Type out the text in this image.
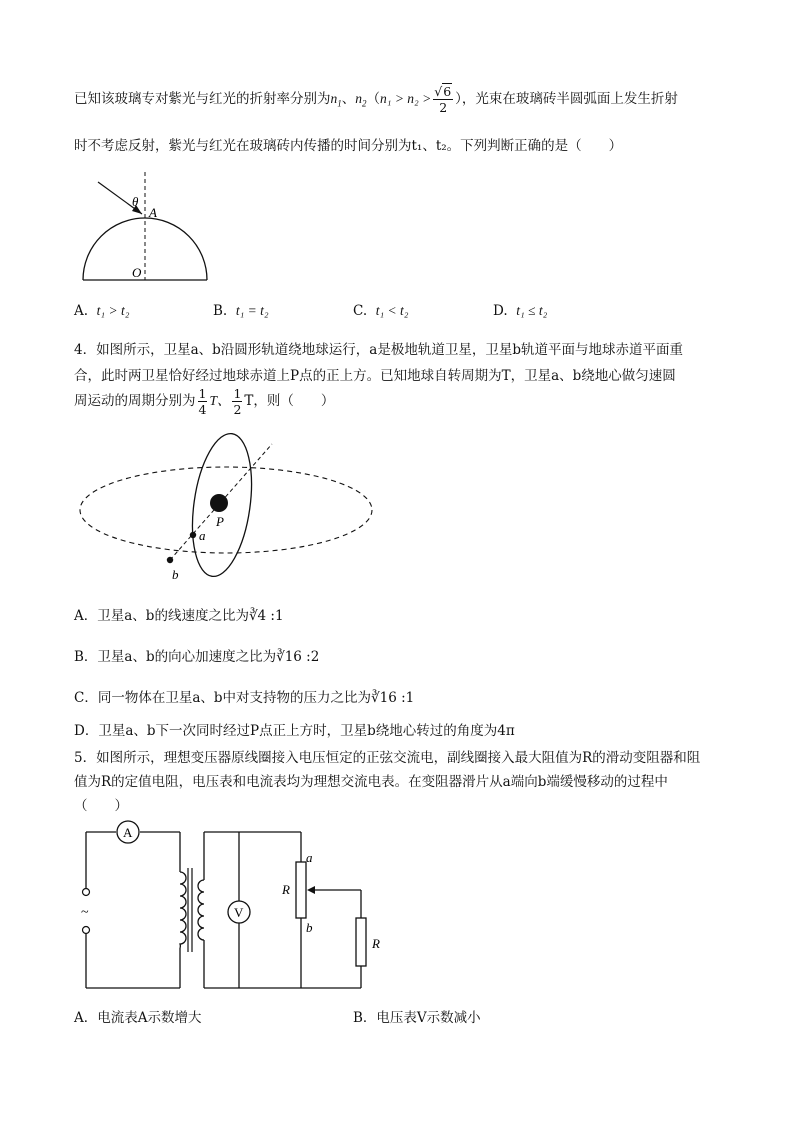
已知该玻璃专对紫光与红光的折射率分别为$n_1$、$n_2(n_1 > n_2 > \frac{√6}{2}$ ），光束在玻璃砖半圆弧面上发生折射
时不考虑反射，紫光与红光在玻璃砖内传播的时间分别为t₁、t₂。下列判断正确的是（　　）
θ
A
O
A. t₁ > t₂	B. t₁ = t₂	C. t₁ < t₂	D. t₁ ≤ t₂
4．如图所示，卫星a、b沿圆形轨道绕地球运行，a是极地轨道卫星，卫星b轨道平面与地球赤道平面重
合，此时两卫星恰好经过地球赤道上P点的正上方。已知地球自转周期为T，卫星a、b绕地心做匀速圆
周运动的周期分别为 $\frac{1}{4}$ T、 $\frac{1}{2}$ T，则（　　）
P
a
b
A．卫星a、b的线速度之比为∛4 :1
B．卫星a、b的向心加速度之比为∛16 :2
C．同一物体在卫星a、b中对支持物的压力之比为∛16 :1
D．卫星a、b下一次同时经过P点正上方时，卫星b绕地心转过的角度为4π
5．如图所示，理想变压器原线圈接入电压恒定的正弦交流电，副线圈接入最大阻值为R的滑动变阻器和阻
值为R的定值电阻，电压表和电流表均为理想交流电表。在变阻器滑片从a端向b端缓慢移动的过程中
（　　）
A
~	V
R
a
b
R
A．电流表A示数增大	B．电压表V示数减小
